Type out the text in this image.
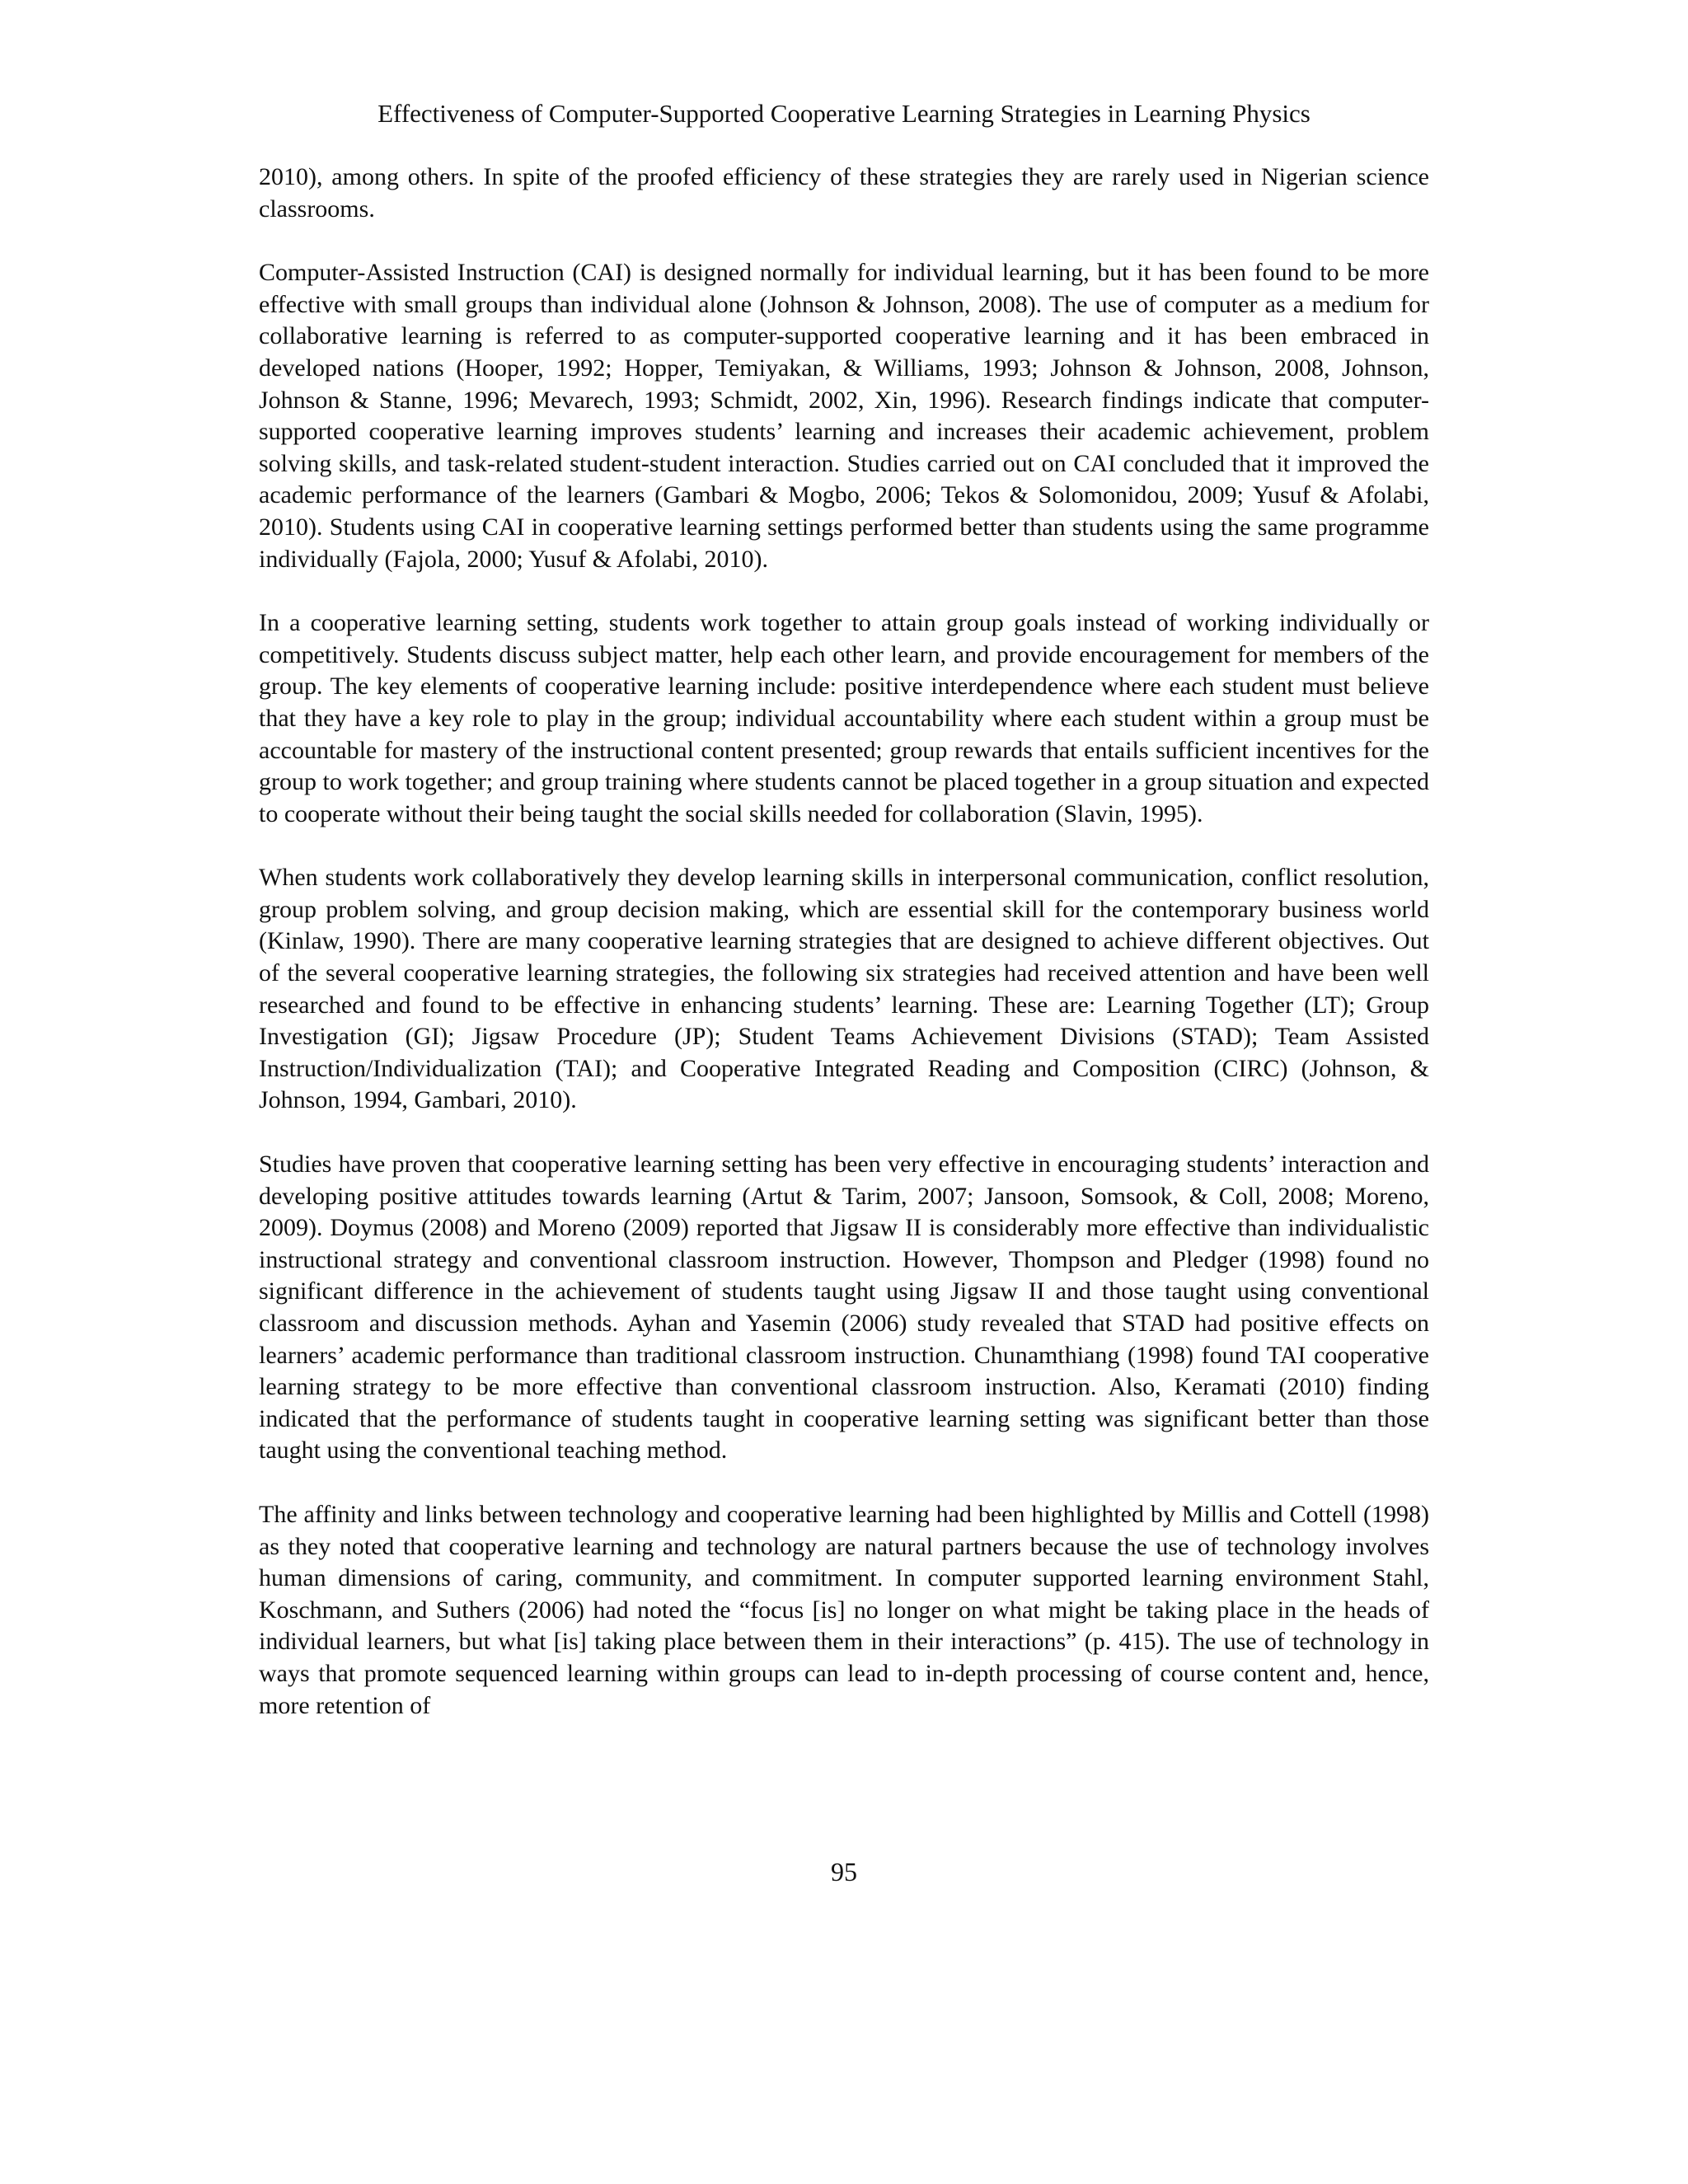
Effectiveness of Computer-Supported Cooperative Learning Strategies in Learning Physics

2010), among others. In spite of the proofed efficiency of these strategies they are rarely used in Nigerian science classrooms.

Computer-Assisted Instruction (CAI) is designed normally for individual learning, but it has been found to be more effective with small groups than individual alone (Johnson & Johnson, 2008). The use of computer as a medium for collaborative learning is referred to as computer-supported cooperative learning and it has been embraced in developed nations (Hooper, 1992; Hopper, Temiyakan, & Williams, 1993; Johnson & Johnson, 2008, Johnson, Johnson & Stanne, 1996; Mevarech, 1993; Schmidt, 2002, Xin, 1996). Research findings indicate that computer-supported cooperative learning improves students’ learning and increases their academic achievement, problem solving skills, and task-related student-student interaction. Studies carried out on CAI concluded that it improved the academic performance of the learners (Gambari & Mogbo, 2006; Tekos & Solomonidou, 2009; Yusuf & Afolabi, 2010). Students using CAI in cooperative learning settings performed better than students using the same programme individually (Fajola, 2000; Yusuf & Afolabi, 2010).

In a cooperative learning setting, students work together to attain group goals instead of working individually or competitively. Students discuss subject matter, help each other learn, and provide encouragement for members of the group. The key elements of cooperative learning include: positive interdependence where each student must believe that they have a key role to play in the group; individual accountability where each student within a group must be accountable for mastery of the instructional content presented; group rewards that entails sufficient incentives for the group to work together; and group training where students cannot be placed together in a group situation and expected to cooperate without their being taught the social skills needed for collaboration (Slavin, 1995).

When students work collaboratively they develop learning skills in interpersonal communication, conflict resolution, group problem solving, and group decision making, which are essential skill for the contemporary business world (Kinlaw, 1990). There are many cooperative learning strategies that are designed to achieve different objectives. Out of the several cooperative learning strategies, the following six strategies had received attention and have been well researched and found to be effective in enhancing students’ learning. These are: Learning Together (LT); Group Investigation (GI); Jigsaw Procedure (JP); Student Teams Achievement Divisions (STAD); Team Assisted Instruction/Individualization (TAI); and Cooperative Integrated Reading and Composition (CIRC) (Johnson, & Johnson, 1994, Gambari, 2010).

Studies have proven that cooperative learning setting has been very effective in encouraging students’ interaction and developing positive attitudes towards learning (Artut & Tarim, 2007; Jansoon, Somsook, & Coll, 2008; Moreno, 2009). Doymus (2008) and Moreno (2009) reported that Jigsaw II is considerably more effective than individualistic instructional strategy and conventional classroom instruction. However, Thompson and Pledger (1998) found no significant difference in the achievement of students taught using Jigsaw II and those taught using conventional classroom and discussion methods. Ayhan and Yasemin (2006) study revealed that STAD had positive effects on learners’ academic performance than traditional classroom instruction. Chunamthiang (1998) found TAI cooperative learning strategy to be more effective than conventional classroom instruction. Also, Keramati (2010) finding indicated that the performance of students taught in cooperative learning setting was significant better than those taught using the conventional teaching method.

The affinity and links between technology and cooperative learning had been highlighted by Millis and Cottell (1998) as they noted that cooperative learning and technology are natural partners because the use of technology involves human dimensions of caring, community, and commitment. In computer supported learning environment Stahl, Koschmann, and Suthers (2006) had noted the “focus [is] no longer on what might be taking place in the heads of individual learners, but what [is] taking place between them in their interactions” (p. 415). The use of technology in ways that promote sequenced learning within groups can lead to in-depth processing of course content and, hence, more retention of

95
